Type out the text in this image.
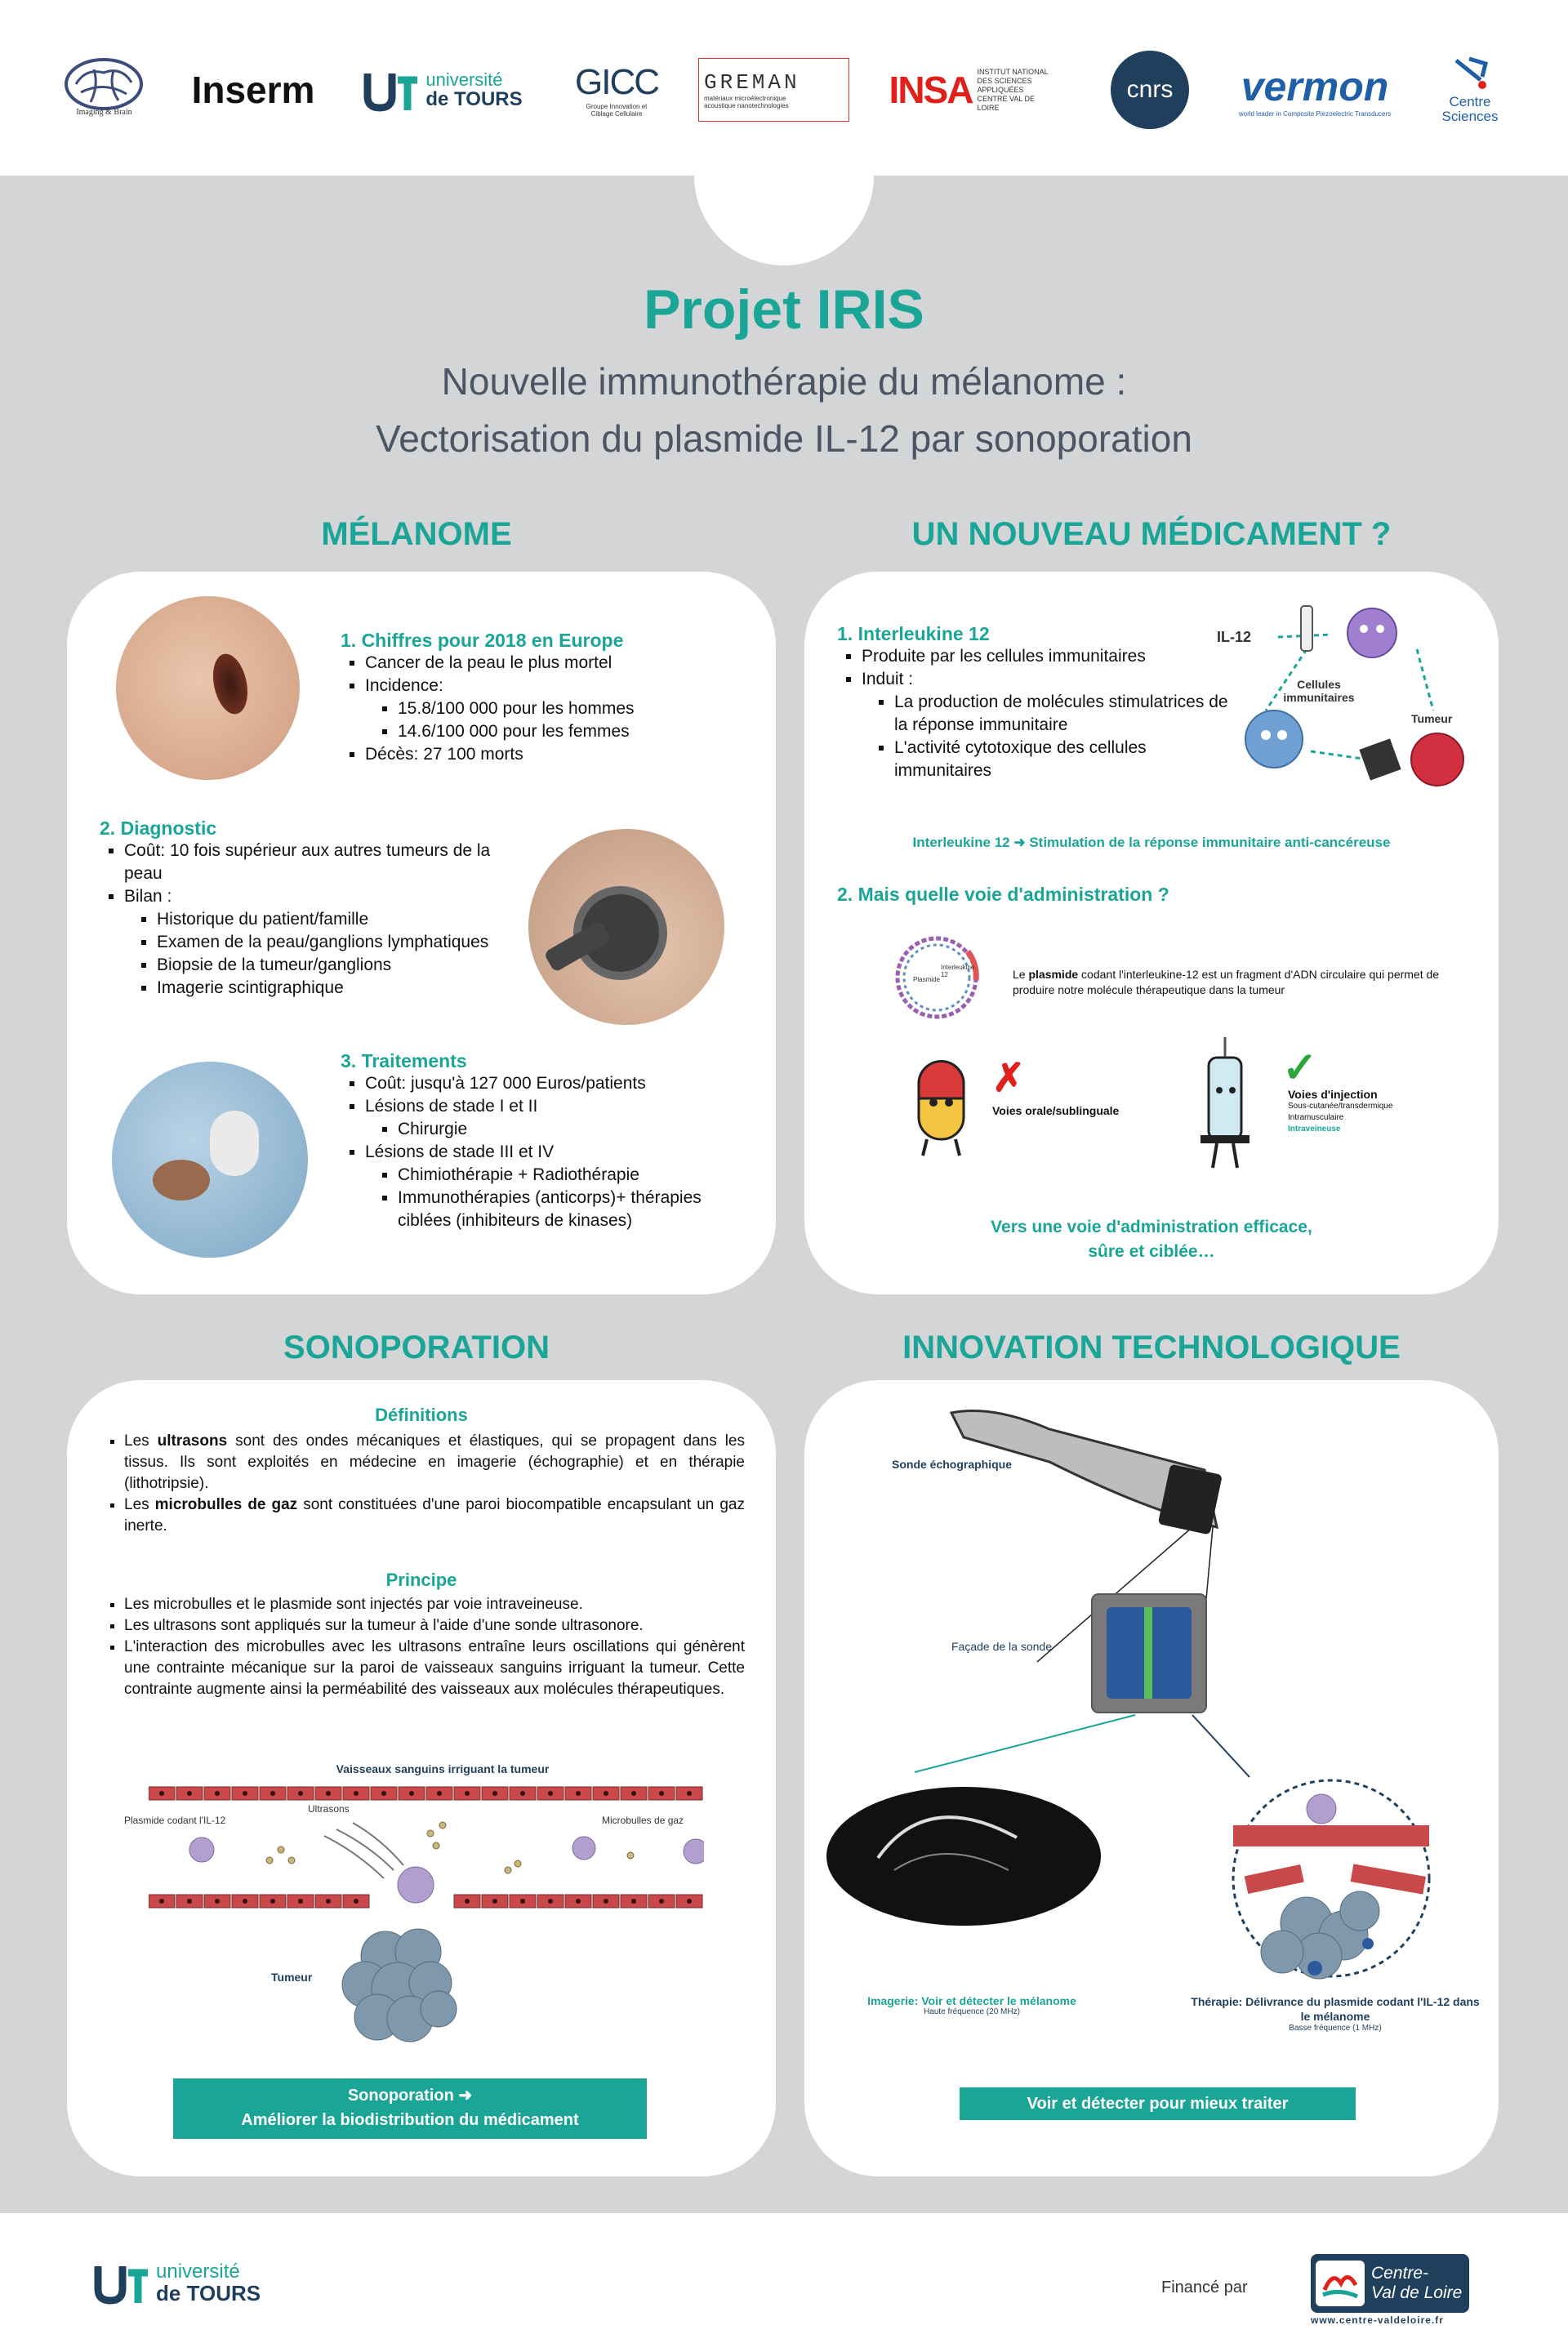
Imaging & Brain
Inserm	université
de TOURS GICC
Groupe Innovation et Ciblage Cellulaire
GREMAN
matériaux microélectronique acoustique nanotechnologies	INSA INSTITUT NATIONAL DES SCIENCES APPLIQUÉES CENTRE VAL DE LOIRE
cnrs vermon
world leader in Composite Piezoelectric Transducers
Centre Sciences
Projet IRIS
Nouvelle immunothérapie du mélanome :
Vectorisation du plasmide IL-12 par sonoporation
MÉLANOME	UN NOUVEAU MÉDICAMENT ?
SONOPORATION	INNOVATION TECHNOLOGIQUE
1. Chiffres pour 2018 en Europe
▪ Cancer de la peau le plus mortel
▪ Incidence:
▪ 15.8/100 000 pour les hommes
▪ 14.6/100 000 pour les femmes
▪ Décès: 27 100 morts
2. Diagnostic
▪ Coût: 10 fois supérieur aux autres tumeurs de la peau
▪ Bilan :
▪ Historique du patient/famille
▪ Examen de la peau/ganglions lymphatiques
▪ Biopsie de la tumeur/ganglions
▪ Imagerie scintigraphique
3. Traitements
▪ Coût: jusqu'à 127 000 Euros/patients
▪ Lésions de stade I et II
▪ Chirurgie
▪ Lésions de stade III et IV
▪ Chimiothérapie + Radiothérapie
▪ Immunothérapies (anticorps)+ thérapies ciblées (inhibiteurs de kinases)
1. Interleukine 12
▪ Produite par les cellules immunitaires
▪ Induit :
▪ La production de molécules stimulatrices de la réponse immunitaire
▪ L'activité cytotoxique des cellules immunitaires
IL-12
Cellules immunitaires
Tumeur
Interleukine 12 ➜ Stimulation de la réponse immunitaire anti-cancéreuse
2. Mais quelle voie d'administration ?
Plasmide
Interleukine 12	Le plasmide codant l'interleukine-12 est un fragment d'ADN circulaire qui permet de produire notre molécule thérapeutique dans la tumeur
✗
Voies orale/sublinguale
✓
Voies d'injection
Sous-cutanée/transdermique
Intramusculaire
Intraveineuse
Vers une voie d'administration efficace, sûre et ciblée…
Définitions
▪ Les ultrasons sont des ondes mécaniques et élastiques, qui se propagent dans les tissus. Ils sont exploités en médecine en imagerie (échographie) et en thérapie (lithotripsie).
▪ Les microbulles de gaz sont constituées d'une paroi biocompatible encapsulant un gaz inerte.
Principe
▪ Les microbulles et le plasmide sont injectés par voie intraveineuse.
▪ Les ultrasons sont appliqués sur la tumeur à l'aide d'une sonde ultrasonore.
▪ L'interaction des microbulles avec les ultrasons entraîne leurs oscillations qui génèrent une contrainte mécanique sur la paroi de vaisseaux sanguins irriguant la tumeur. Cette contrainte augmente ainsi la perméabilité des vaisseaux aux molécules thérapeutiques.
Vaisseaux sanguins irriguant la tumeur
Plasmide codant l'IL-12
Ultrasons
Microbulles de gaz
Tumeur
Sonoporation ➜
Améliorer la biodistribution du médicament
Sonde échographique
Façade de la sonde
Imagerie: Voir et détecter le mélanome
Haute fréquence (20 MHz)
Thérapie: Délivrance du plasmide codant l'IL-12 dans le mélanome
Basse fréquence (1 MHz)
Voir et détecter pour mieux traiter
université
de TOURS	Financé par
Centre-
Val de Loire
www.centre-valdeloire.fr
